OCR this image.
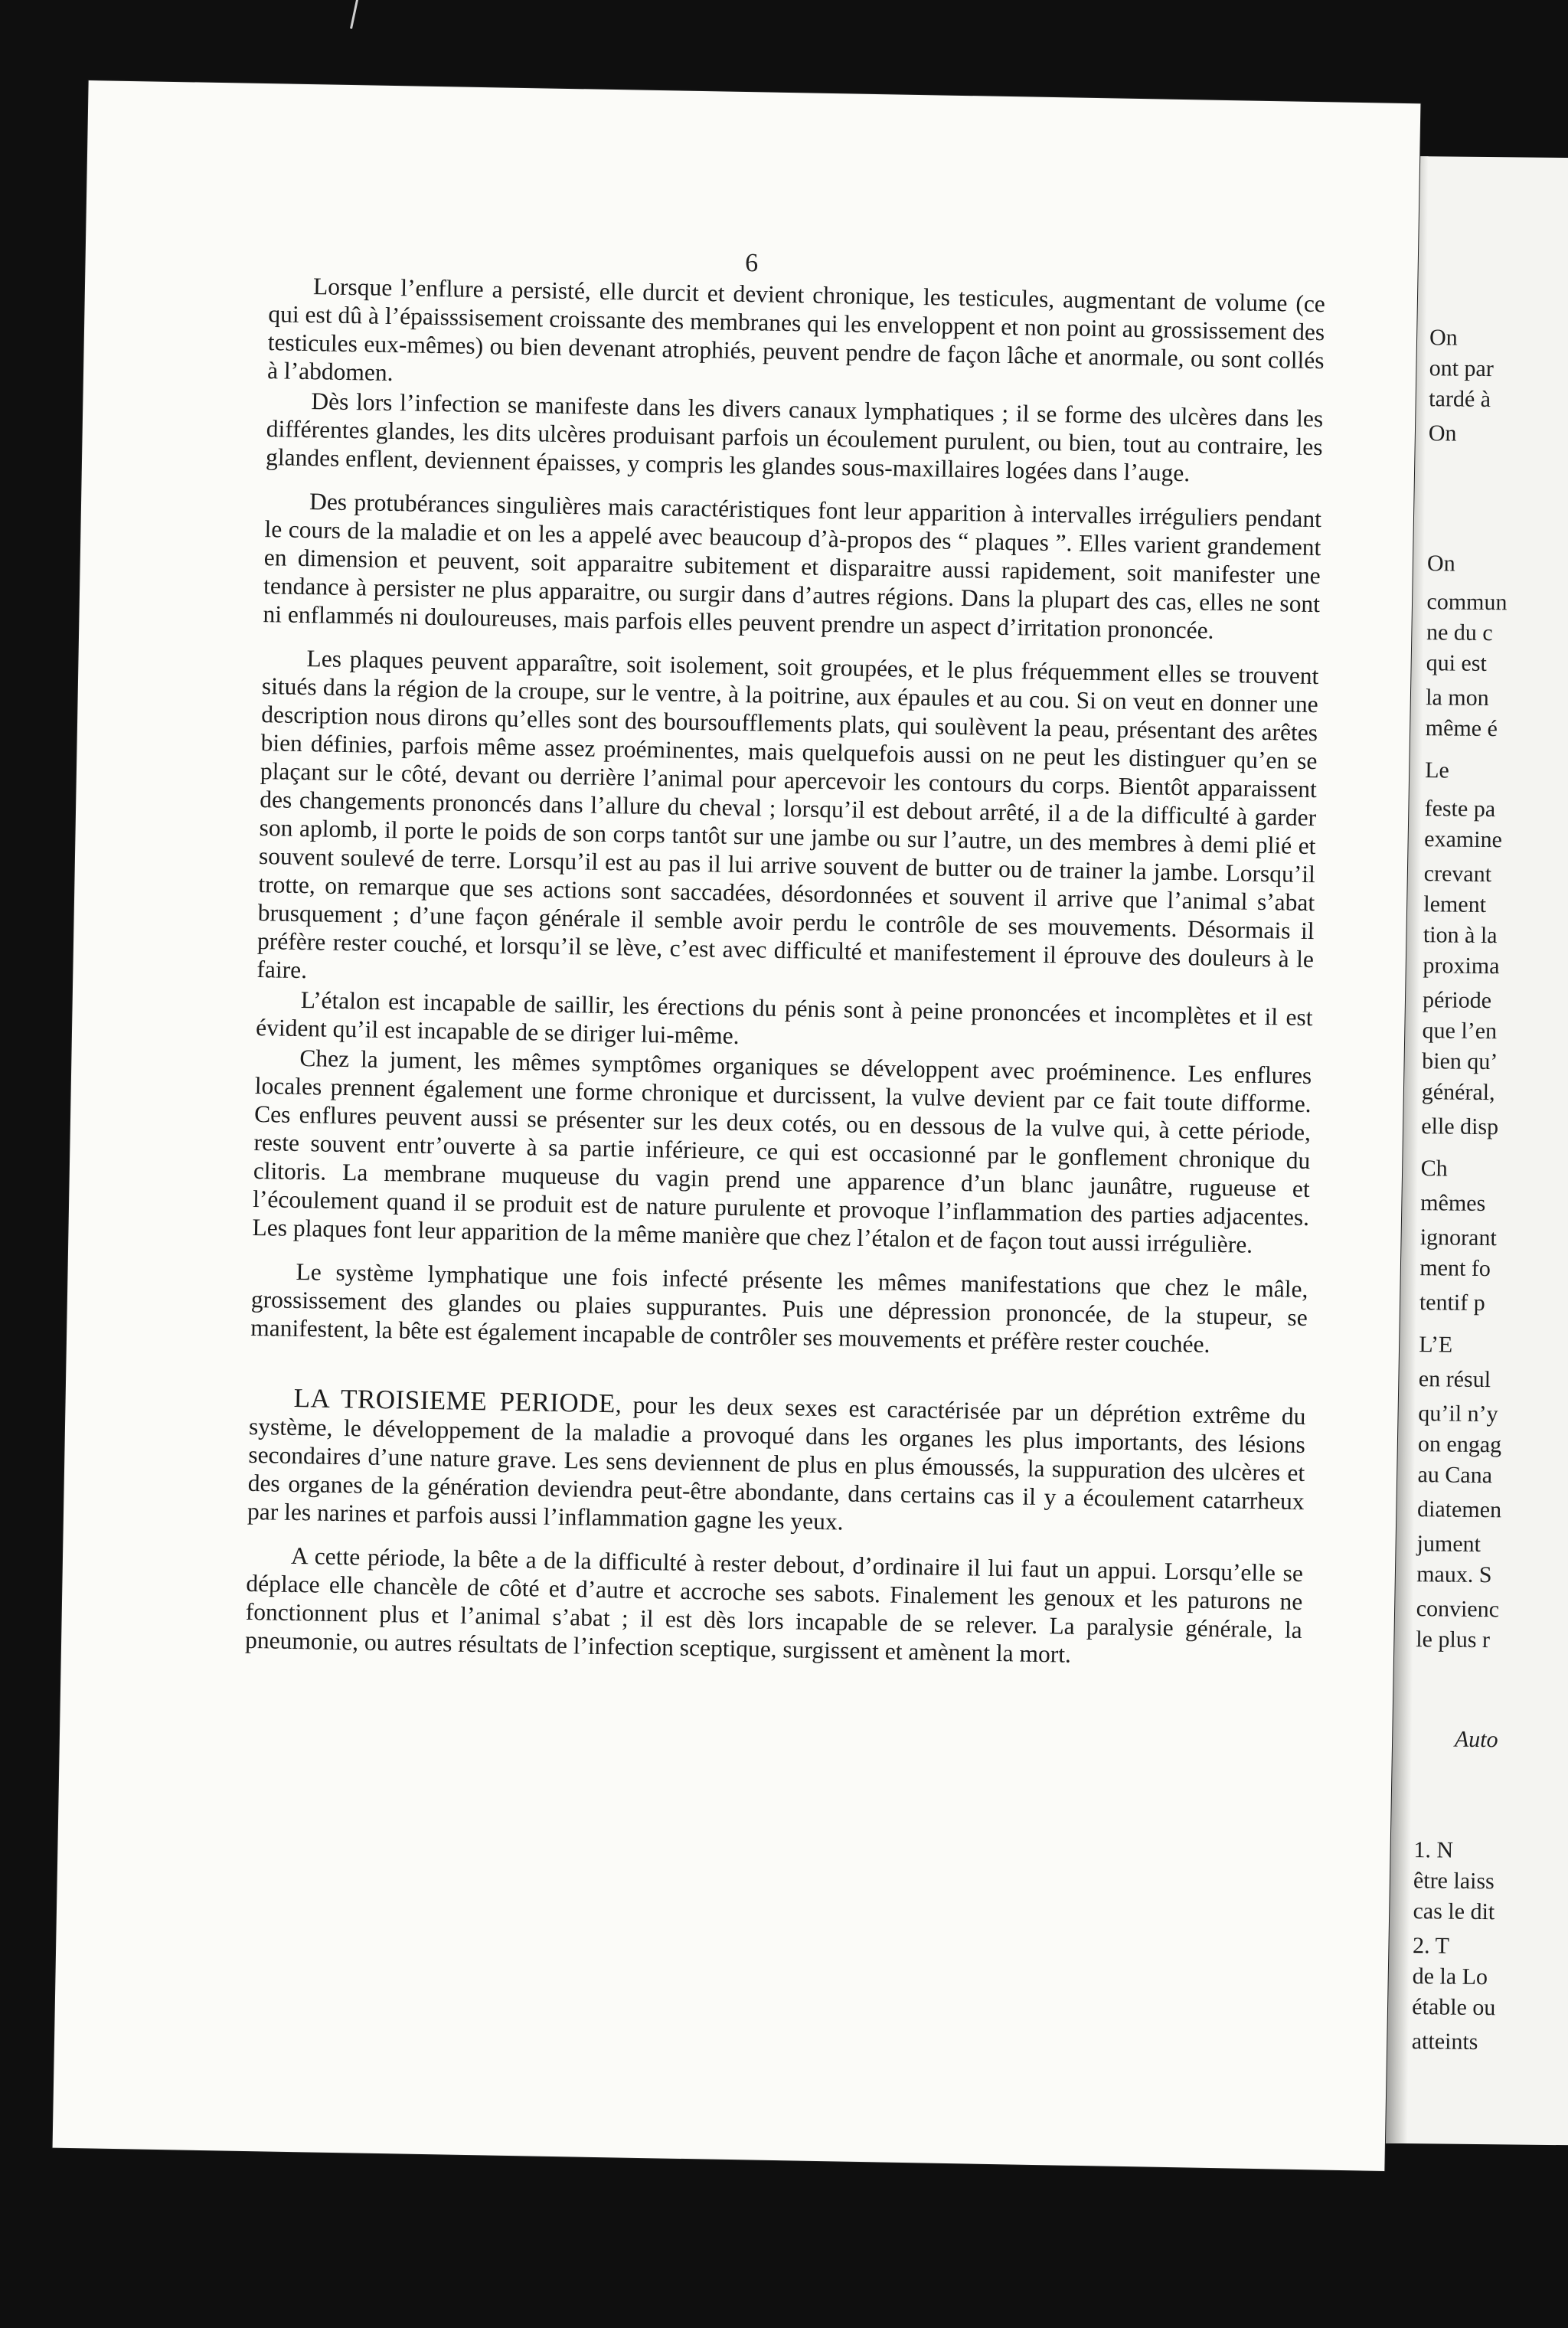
On
ont par
tardé à
On
On
commun
ne du c
qui est
la mon
même é
Le
feste pa
examine
crevant
lement
tion à la
proxima
période
que l’en
bien qu’
général,
elle disp
Ch
mêmes
ignorant
ment fo
tentif p
L’E
en résul
qu’il n’y
on engag
au Cana
diatemen
jument
maux. S
convienc
le plus r
Auto
1. N
être laiss
cas le dit
2. T
de la Lo
étable ou
atteints
6

Lorsque l’enflure a persisté, elle durcit et devient chronique, les testicules, augmentant de volume (ce qui est dû à l’épaisssisement croissante des membranes qui les enveloppent et non point au grossissement des testicules eux-mêmes) ou bien devenant atrophiés, peuvent pendre de façon lâche et anormale, ou sont collés à l’abdomen.

Dès lors l’infection se manifeste dans les divers canaux lymphatiques ; il se forme des ulcères dans les différentes glandes, les dits ulcères produisant parfois un écoulement purulent, ou bien, tout au contraire, les glandes enflent, deviennent épaisses, y compris les glandes sous-maxillaires logées dans l’auge.

Des protubérances singulières mais caractéristiques font leur apparition à intervalles irréguliers pendant le cours de la maladie et on les a appelé avec beaucoup d’à-propos des “ plaques ”. Elles varient grandement en dimension et peuvent, soit apparaitre subitement et disparaitre aussi rapidement, soit manifester une tendance à persister ne plus apparaitre, ou surgir dans d’autres régions. Dans la plupart des cas, elles ne sont ni enflammés ni douloureuses, mais parfois elles peuvent prendre un aspect d’irritation prononcée.

Les plaques peuvent apparaître, soit isolement, soit groupées, et le plus fréquemment elles se trouvent situés dans la région de la croupe, sur le ventre, à la poitrine, aux épaules et au cou. Si on veut en donner une description nous dirons qu’elles sont des boursoufflements plats, qui soulèvent la peau, présentant des arêtes bien définies, parfois même assez proéminentes, mais quelquefois aussi on ne peut les distinguer qu’en se plaçant sur le côté, devant ou derrière l’animal pour apercevoir les contours du corps. Bientôt apparaissent des changements prononcés dans l’allure du cheval ; lorsqu’il est debout arrêté, il a de la difficulté à garder son aplomb, il porte le poids de son corps tantôt sur une jambe ou sur l’autre, un des membres à demi plié et souvent soulevé de terre. Lorsqu’il est au pas il lui arrive souvent de butter ou de trainer la jambe. Lorsqu’il trotte, on remarque que ses actions sont saccadées, désordonnées et souvent il arrive que l’animal s’abat brusquement ; d’une façon générale il semble avoir perdu le contrôle de ses mouvements. Désormais il préfère rester couché, et lorsqu’il se lève, c’est avec difficulté et manifestement il éprouve des douleurs à le faire.

L’étalon est incapable de saillir, les érections du pénis sont à peine prononcées et incomplètes et il est évident qu’il est incapable de se diriger lui-même.

Chez la jument, les mêmes symptômes organiques se développent avec proéminence. Les enflures locales prennent également une forme chronique et durcissent, la vulve devient par ce fait toute difforme. Ces enflures peuvent aussi se présenter sur les deux cotés, ou en dessous de la vulve qui, à cette période, reste souvent entr’ouverte à sa partie inférieure, ce qui est occasionné par le gonflement chronique du clitoris. La membrane muqueuse du vagin prend une apparence d’un blanc jaunâtre, rugueuse et l’écoulement quand il se produit est de nature purulente et provoque l’inflammation des parties adjacentes. Les plaques font leur apparition de la même manière que chez l’étalon et de façon tout aussi irrégulière.

Le système lymphatique une fois infecté présente les mêmes manifestations que chez le mâle, grossissement des glandes ou plaies suppurantes. Puis une dépression prononcée, de la stupeur, se manifestent, la bête est également incapable de contrôler ses mouvements et préfère rester couchée.

LA TROISIEME PERIODE, pour les deux sexes est caractérisée par un déprétion extrême du système, le développement de la maladie a provoqué dans les organes les plus importants, des lésions secondaires d’une nature grave. Les sens deviennent de plus en plus émoussés, la suppuration des ulcères et des organes de la génération deviendra peut-être abondante, dans certains cas il y a écoulement catarrheux par les narines et parfois aussi l’inflammation gagne les yeux.

A cette période, la bête a de la difficulté à rester debout, d’ordinaire il lui faut un appui. Lorsqu’elle se déplace elle chancèle de côté et d’autre et accroche ses sabots. Finalement les genoux et les paturons ne fonctionnent plus et l’animal s’abat ; il est dès lors incapable de se relever. La paralysie générale, la pneumonie, ou autres résultats de l’infection sceptique, surgissent et amènent la mort.
